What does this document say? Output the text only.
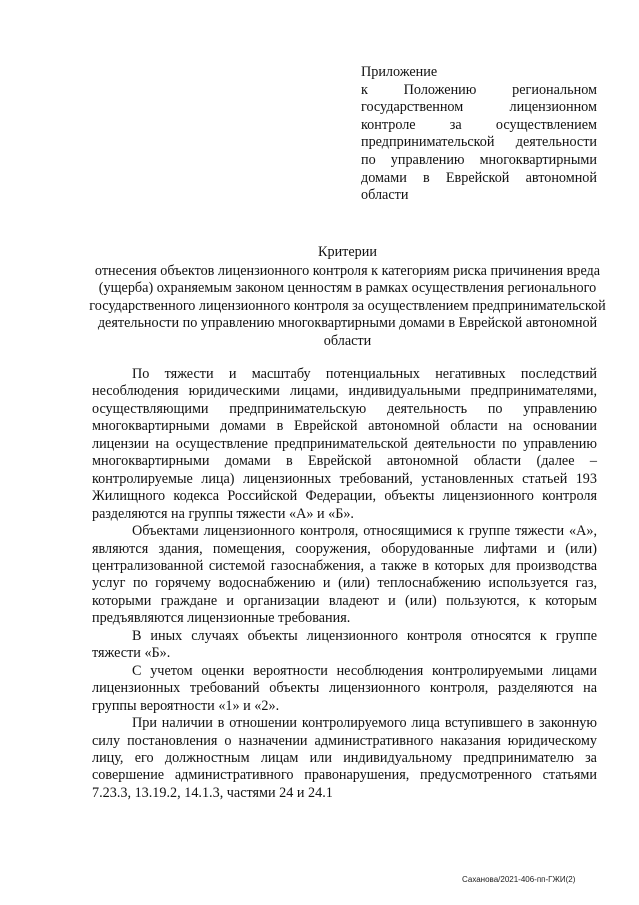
Приложение
к Положению региональном государственном лицензионном контроле за осуществлением предпринимательской деятельности по управлению многоквартирными домами в Еврейской автономной области
Критерии
отнесения объектов лицензионного контроля к категориям риска причинения вреда (ущерба) охраняемым законом ценностям в рамках осуществления регионального государственного лицензионного контроля за осуществлением предпринимательской деятельности по управлению многоквартирными домами в Еврейской автономной области

По тяжести и масштабу потенциальных негативных последствий несоблюдения юридическими лицами, индивидуальными предпринимателями, осуществляющими предпринимательскую деятельность по управлению многоквартирными домами в Еврейской автономной области на основании лицензии на осуществление предпринимательской деятельности по управлению многоквартирными домами в Еврейской автономной области (далее – контролируемые лица) лицензионных требований, установленных статьей 193 Жилищного кодекса Российской Федерации, объекты лицензионного контроля разделяются на группы тяжести «А» и «Б».

Объектами лицензионного контроля, относящимися к группе тяжести «А», являются здания, помещения, сооружения, оборудованные лифтами и (или) централизованной системой газоснабжения, а также в которых для производства услуг по горячему водоснабжению и (или) теплоснабжению используется газ, которыми граждане и организации владеют и (или) пользуются, к которым предъявляются лицензионные требования.

В иных случаях объекты лицензионного контроля относятся к группе тяжести «Б».

С учетом оценки вероятности несоблюдения контролируемыми лицами лицензионных требований объекты лицензионного контроля, разделяются на группы вероятности «1» и «2».

При наличии в отношении контролируемого лица вступившего в законную силу постановления о назначении административного наказания юридическому лицу, его должностным лицам или индивидуальному предпринимателю за совершение административного правонарушения, предусмотренного статьями 7.23.3, 13.19.2, 14.1.3, частями 24 и 24.1

Саханова/2021-406-пп-ГЖИ(2)
